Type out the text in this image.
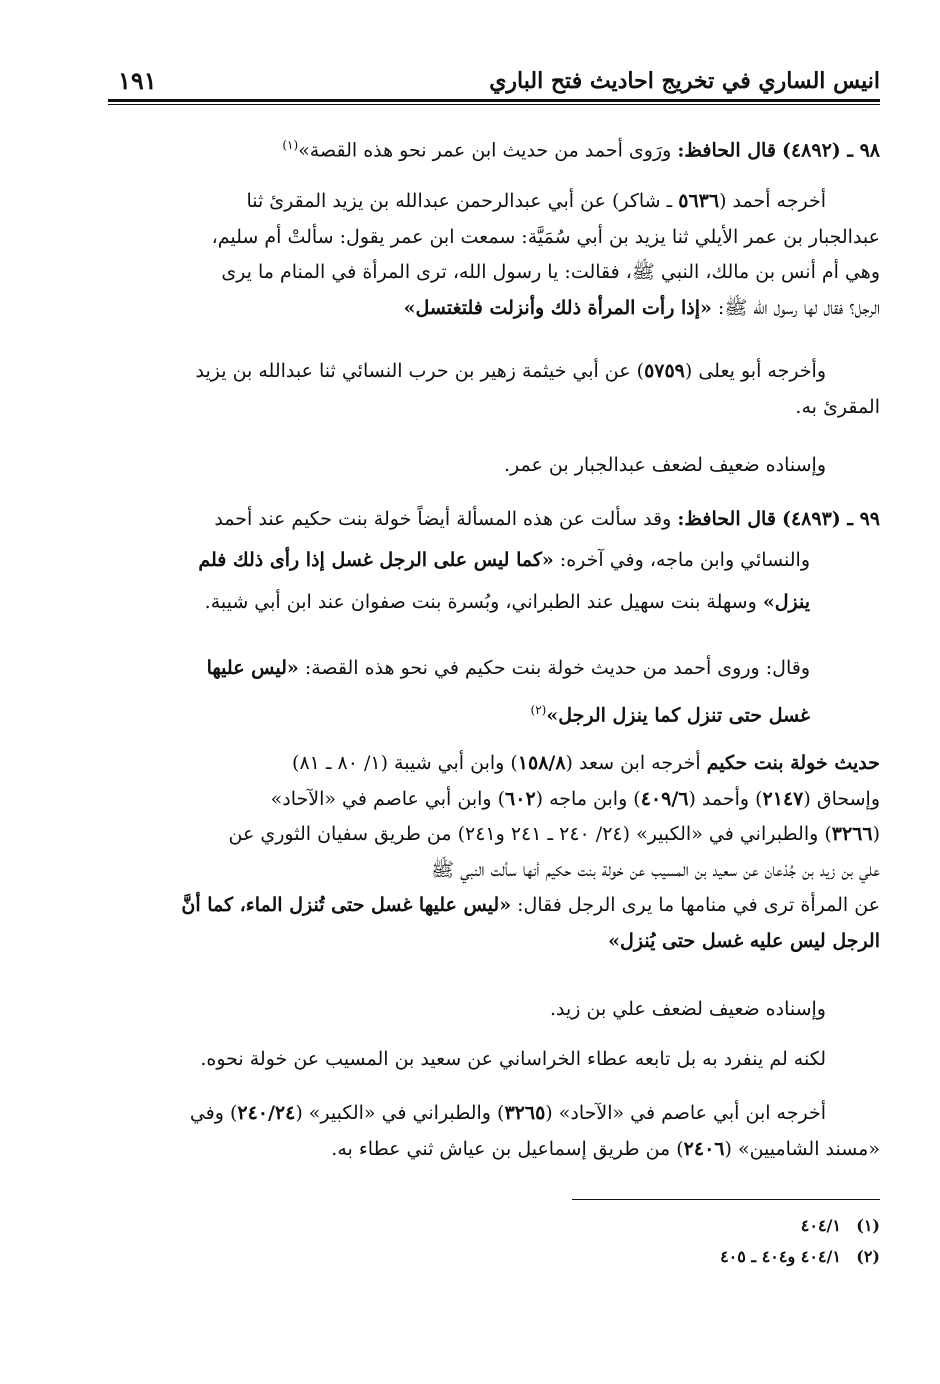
انيس الساري في تخريج احاديث فتح الباري
١٩١
٩٨ ـ (٤٨٩٢) قال الحافظ: ورَوى أحمد من حديث ابن عمر نحو هذه القصة»$^{(١)}$
أخرجه أحمد (٥٦٣٦ ـ شاكر) عن أبي عبدالرحمن عبدالله بن يزيد المقرئ ثنا
عبدالجبار بن عمر الأيلي ثنا يزيد بن أبي سُمَيَّة: سمعت ابن عمر يقول: سألتْ أم سليم،
وهي أم أنس بن مالك، النبي ﷺ، فقالت: يا رسول الله، ترى المرأة في المنام ما يرى
الرجل؟ فقال لها رسول الله ﷺ: «إذا رأت المرأة ذلك وأنزلت فلتغتسل»
وأخرجه أبو يعلى (٥٧٥٩) عن أبي خيثمة زهير بن حرب النسائي ثنا عبدالله بن يزيد
المقرئ به.
وإسناده ضعيف لضعف عبدالجبار بن عمر.
٩٩ ـ (٤٨٩٣) قال الحافظ: وقد سألت عن هذه المسألة أيضاً خولة بنت حكيم عند أحمد
والنسائي وابن ماجه، وفي آخره: «كما ليس على الرجل غسل إذا رأى ذلك فلم
ينزل» وسهلة بنت سهيل عند الطبراني، وبُسرة بنت صفوان عند ابن أبي شيبة.
وقال: وروى أحمد من حديث خولة بنت حكيم في نحو هذه القصة: «ليس عليها
غسل حتى تنزل كما ينزل الرجل»$^{(٢)}$
حديث خولة بنت حكيم أخرجه ابن سعد (١٥٨/٨) وابن أبي شيبة (١/ ٨٠ ـ ٨١)
وإسحاق (٢١٤٧) وأحمد (٤٠٩/٦) وابن ماجه (٦٠٢) وابن أبي عاصم في «الآحاد»
(٣٢٦٦) والطبراني في «الكبير» (٢٤/ ٢٤٠ ـ ٢٤١ و٢٤١) من طريق سفيان الثوري عن
علي بن زيد بن جُدْعان عن سعيد بن المسيب عن خولة بنت حكيم أنها سألت النبي ﷺ
عن المرأة ترى في منامها ما يرى الرجل فقال: «ليس عليها غسل حتى تُنزل الماء، كما أنَّ
الرجل ليس عليه غسل حتى يُنزل»
وإسناده ضعيف لضعف علي بن زيد.
لكنه لم ينفرد به بل تابعه عطاء الخراساني عن سعيد بن المسيب عن خولة نحوه.
أخرجه ابن أبي عاصم في «الآحاد» (٣٢٦٥) والطبراني في «الكبير» (٢٤٠/٢٤) وفي
«مسند الشاميين» (٢٤٠٦) من طريق إسماعيل بن عياش ثني عطاء به.
(١)   ٤٠٤/١
(٢)   ٤٠٤/١ و٤٠٤ ـ ٤٠٥
